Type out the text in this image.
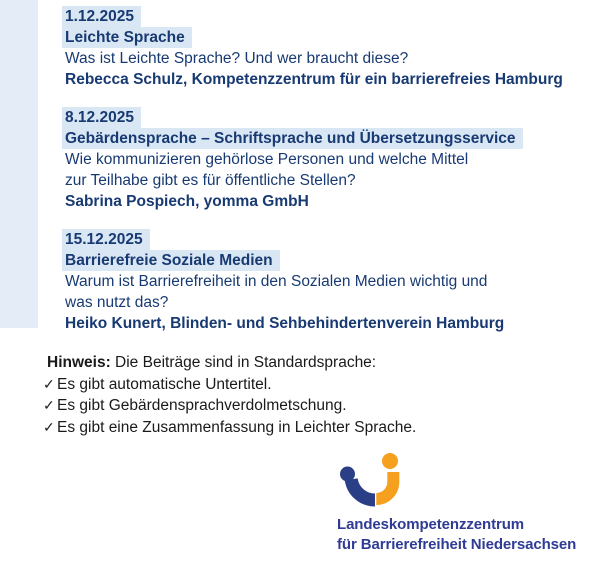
1.12.2025
Leichte Sprache
Was ist Leichte Sprache? Und wer braucht diese?
Rebecca Schulz, Kompetenzzentrum für ein barrierefreies Hamburg
8.12.2025
Gebärdensprache – Schriftsprache und Übersetzungsservice
Wie kommunizieren gehörlose Personen und welche Mittel
zur Teilhabe gibt es für öffentliche Stellen?
Sabrina Pospiech, yomma GmbH
15.12.2025
Barrierefreie Soziale Medien
Warum ist Barrierefreiheit in den Sozialen Medien wichtig und
was nutzt das?
Heiko Kunert, Blinden- und Sehbehindertenverein Hamburg
Hinweis: Die Beiträge sind in Standardsprache:
✓ Es gibt automatische Untertitel.
✓ Es gibt Gebärdensprachverdolmetschung.
✓ Es gibt eine Zusammenfassung in Leichter Sprache.
Landeskompetenzzentrum
für Barrierefreiheit Niedersachsen
